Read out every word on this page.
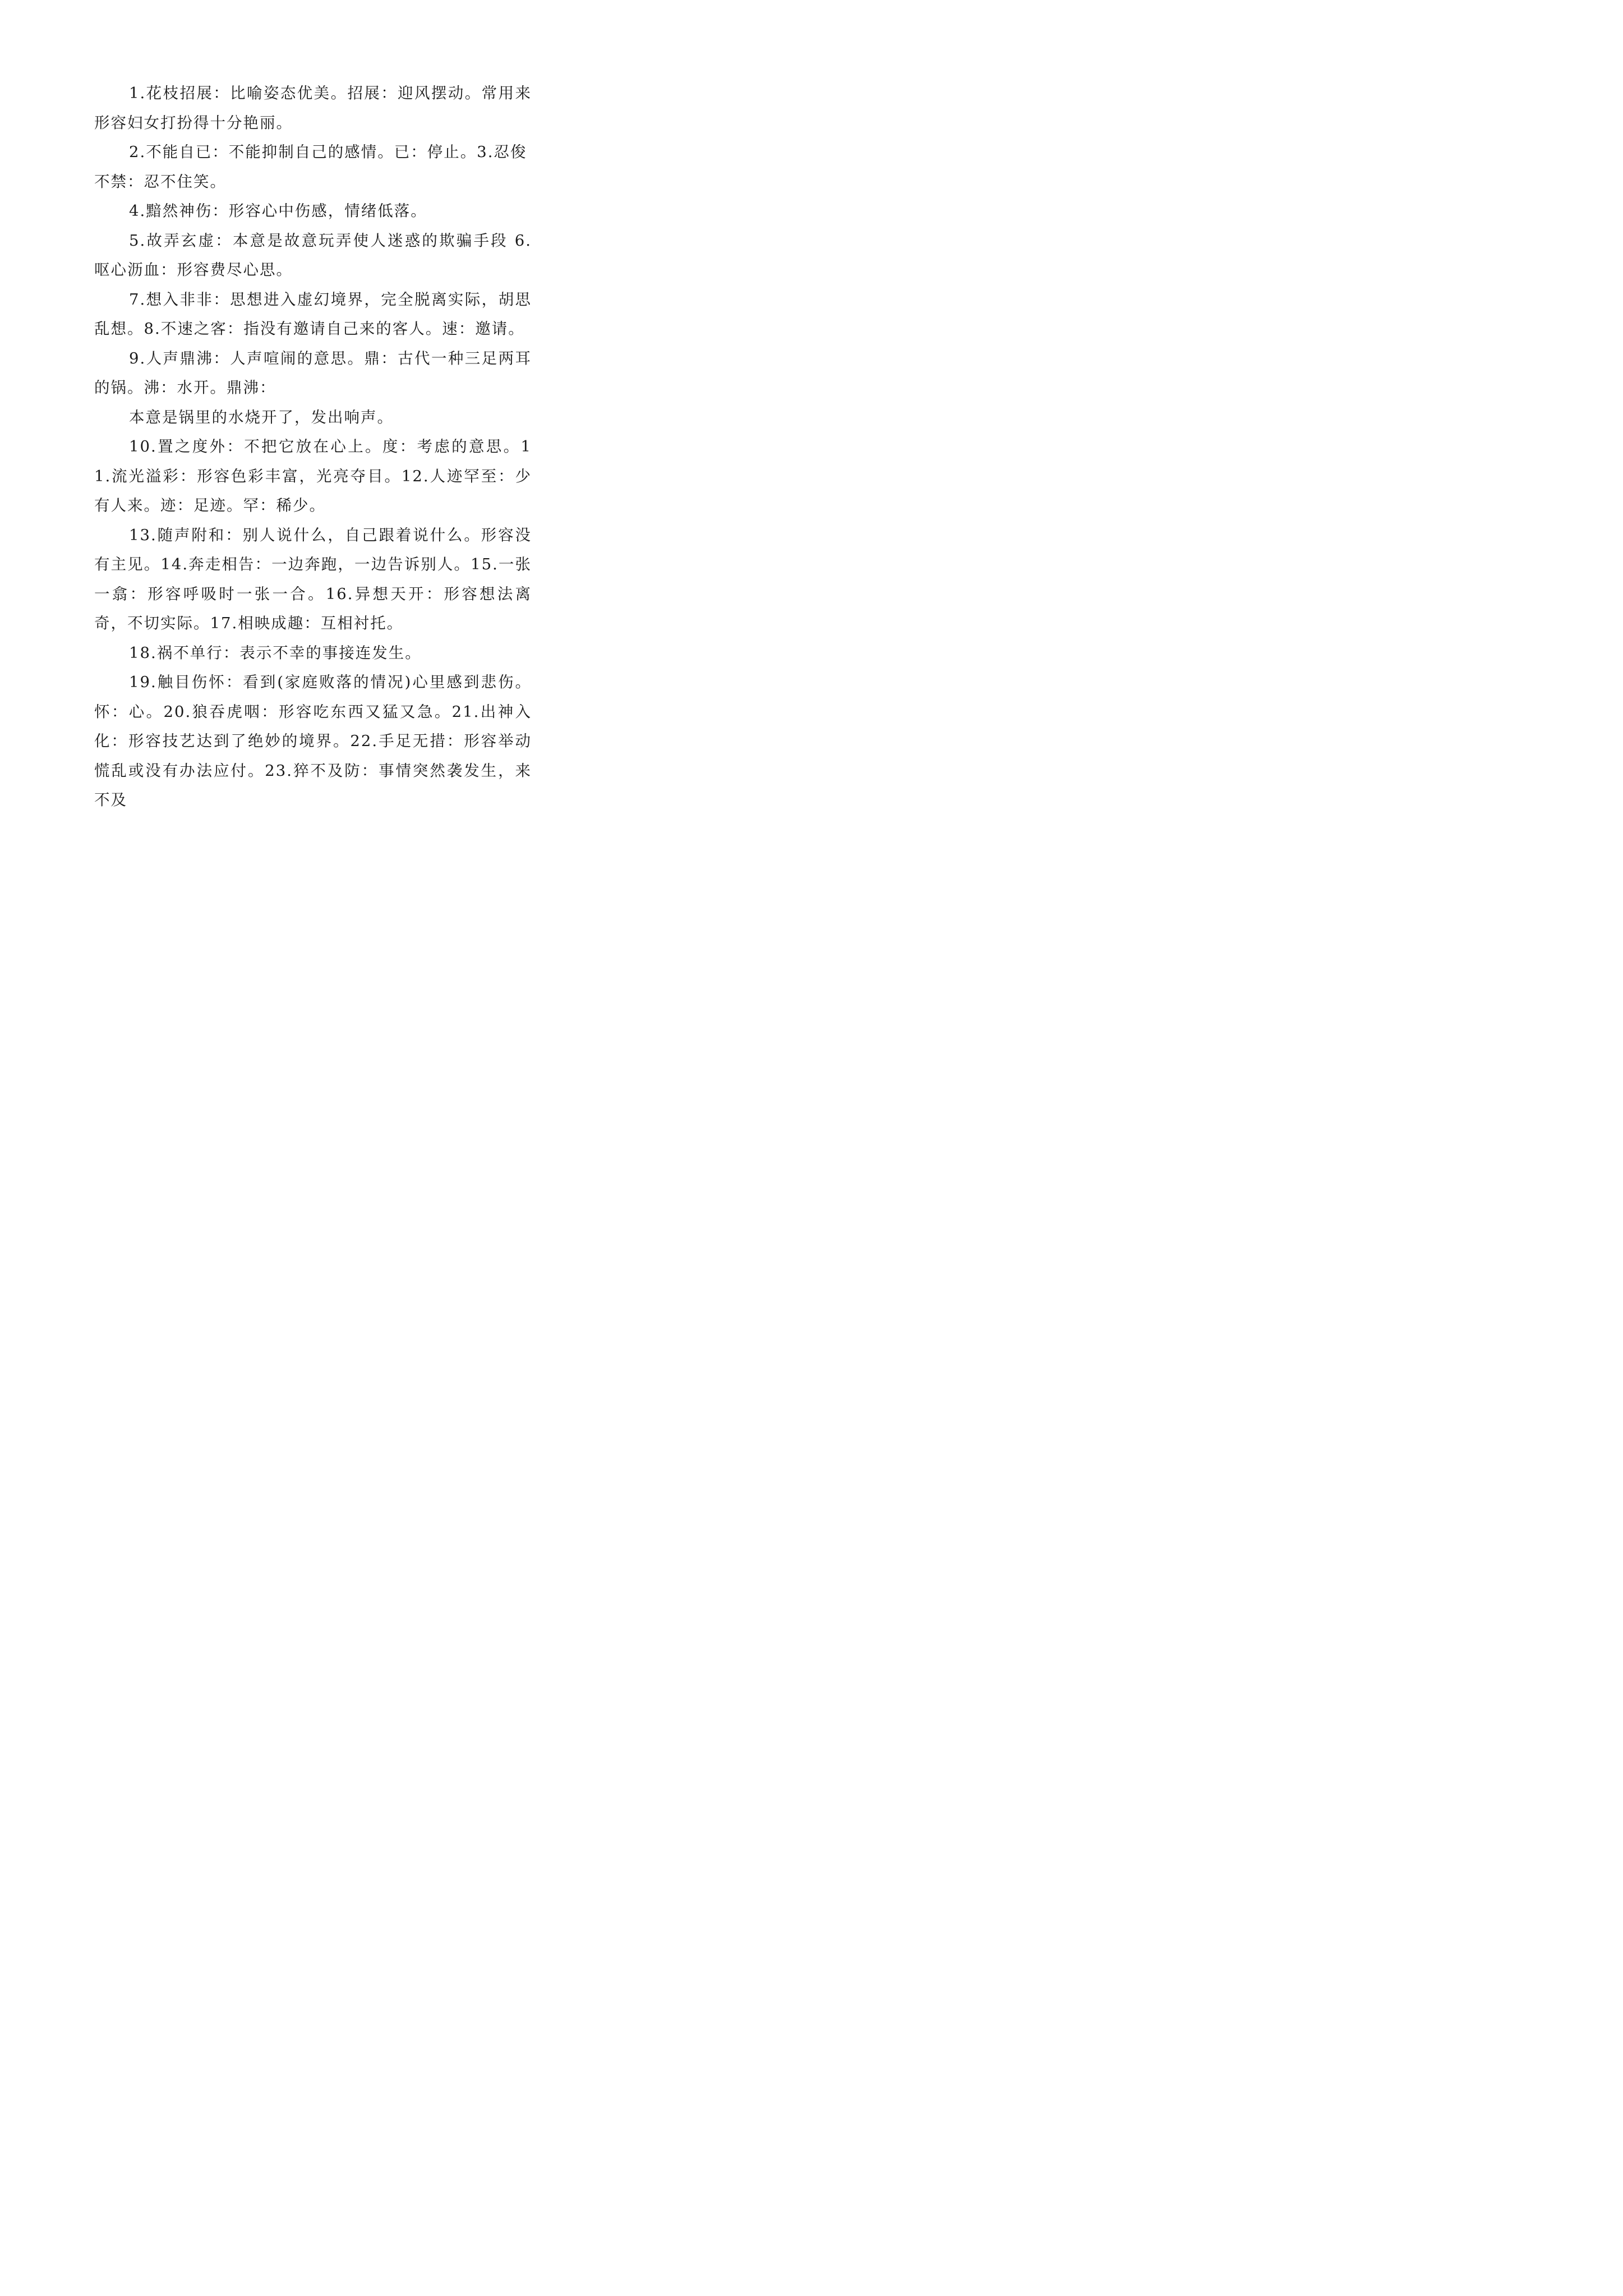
1.花枝招展：比喻姿态优美。招展：迎风摆动。常用来形容妇女打扮得十分艳丽。

2.不能自已：不能抑制自己的感情。已：停止。3.忍俊不禁：忍不住笑。

4.黯然神伤：形容心中伤感，情绪低落。

5.故弄玄虚：本意是故意玩弄使人迷惑的欺骗手段 6.呕心沥血：形容费尽心思。

7.想入非非：思想进入虚幻境界，完全脱离实际，胡思乱想。8.不速之客：指没有邀请自己来的客人。速：邀请。

9.人声鼎沸：人声喧闹的意思。鼎：古代一种三足两耳的锅。沸：水开。鼎沸：

本意是锅里的水烧开了，发出响声。

10.置之度外：不把它放在心上。度：考虑的意思。11.流光溢彩：形容色彩丰富，光亮夺目。12.人迹罕至：少有人来。迹：足迹。罕：稀少。

13.随声附和：别人说什么，自己跟着说什么。形容没有主见。14.奔走相告：一边奔跑，一边告诉别人。15.一张一翕：形容呼吸时一张一合。16.异想天开：形容想法离奇，不切实际。17.相映成趣：互相衬托。

18.祸不单行：表示不幸的事接连发生。

19.触目伤怀：看到(家庭败落的情况)心里感到悲伤。怀：心。20.狼吞虎咽：形容吃东西又猛又急。21.出神入化：形容技艺达到了绝妙的境界。22.手足无措：形容举动慌乱或没有办法应付。23.猝不及防：事情突然袭发生，来不及
